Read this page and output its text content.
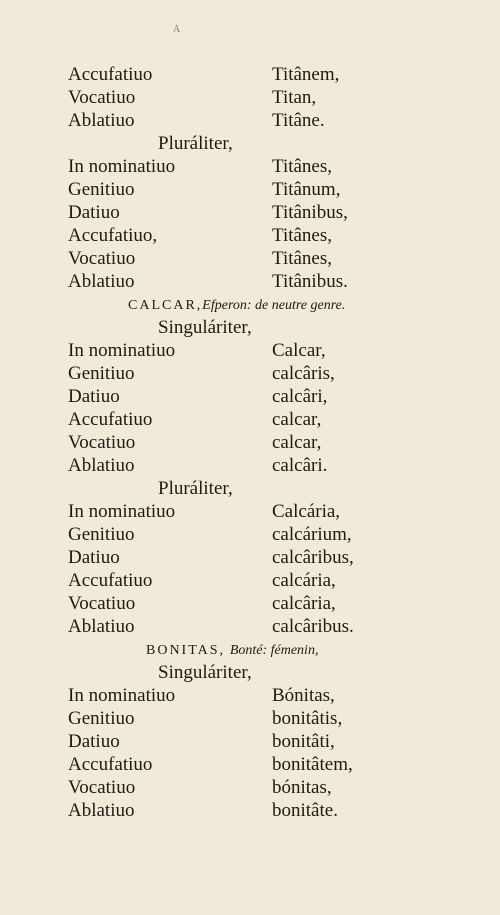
A
Accufatiuo	Titânem,
Vocatiuo	Titan,
Ablatiuo	Titâne.
Pluráliter,
In nominatiuo	Titânes,
Genitiuo	Titânum,
Datiuo	Titânibus,
Accufatiuo,	Titânes,
Vocatiuo	Titânes,
Ablatiuo	Titânibus.
CALCAR,Efperon: de neutre genre.
Singuláriter,
In nominatiuo	Calcar,
Genitiuo	calcâris,
Datiuo	calcâri,
Accufatiuo	calcar,
Vocatiuo	calcar,
Ablatiuo	calcâri.
Pluráliter,
In nominatiuo	Calcária,
Genitiuo	calcárium,
Datiuo	calcâribus,
Accufatiuo	calcária,
Vocatiuo	calcâria,
Ablatiuo	calcâribus.
BONITAS, Bonté: fémenin,
Singuláriter,
In nominatiuo	Bónitas,
Genitiuo	bonitâtis,
Datiuo	bonitâti,
Accufatiuo	bonitâtem,
Vocatiuo	bónitas,
Ablatiuo	bonitâte.
